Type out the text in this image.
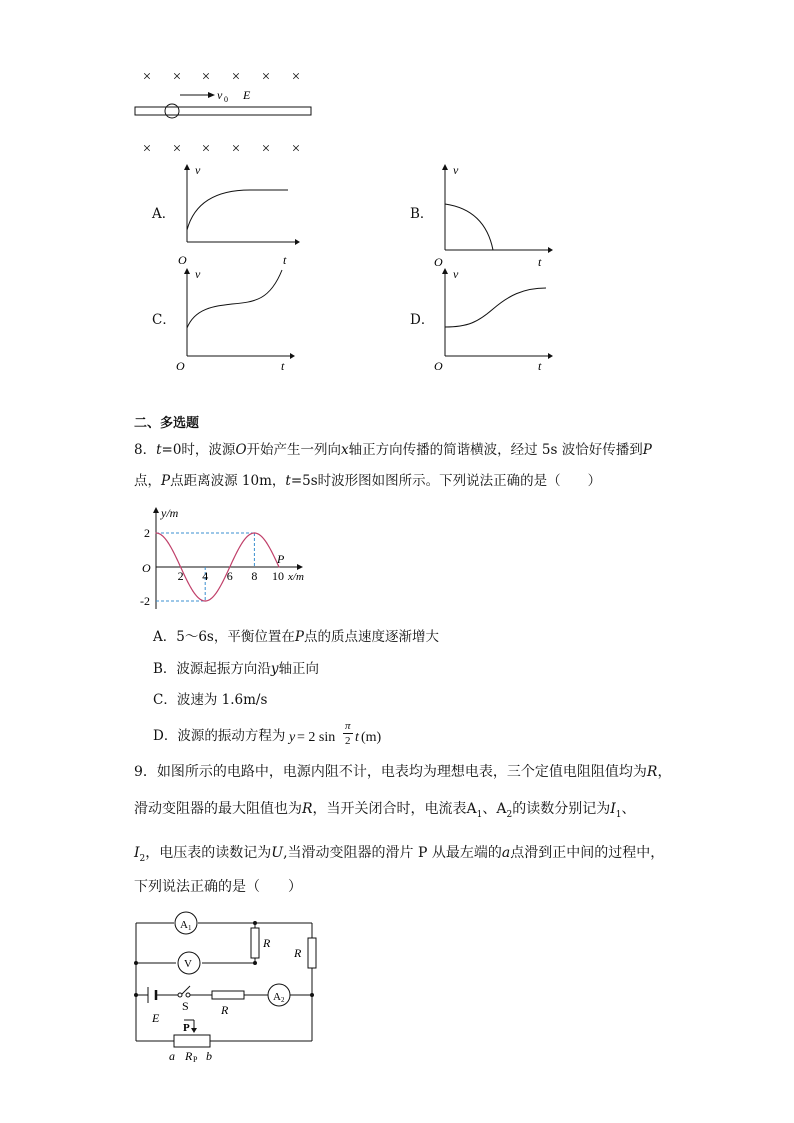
× × × × × ×
× × × × × ×
v 0 E
A．
v
t
O
B．
v
t
O
C．
v
t
O
D．
v
t
O
二、多选题
8．t=0时，波源O开始产生一列向x轴正方向传播的简谐横波，经过 5s 波恰好传播到P
点，P点距离波源 10m，t=5s时波形图如图所示。下列说法正确的是（　　）
y/m
x/m
O
2
-2
2 4 6 8 10
P
A．5～6s，平衡位置在P点的质点速度逐渐增大
B．波源起振方向沿y轴正向
C．波速为 1.6m/s
D．波源的振动方程为 y = 2 sin
π
2 t (m)
9．如图所示的电路中，电源内阻不计，电表均为理想电表，三个定值电阻阻值均为R，
滑动变阻器的最大阻值也为R，当开关闭合时，电流表$A_1$、$A_2$的读数分别记为$I_1$、
$I_2$，电压表的读数记为U,当滑动变阻器的滑片 P 从最左端的a点滑到正中间的过程中，
下列说法正确的是（　　）
A 1
V
R
R
E
S	R
A 2
P
a R P b
